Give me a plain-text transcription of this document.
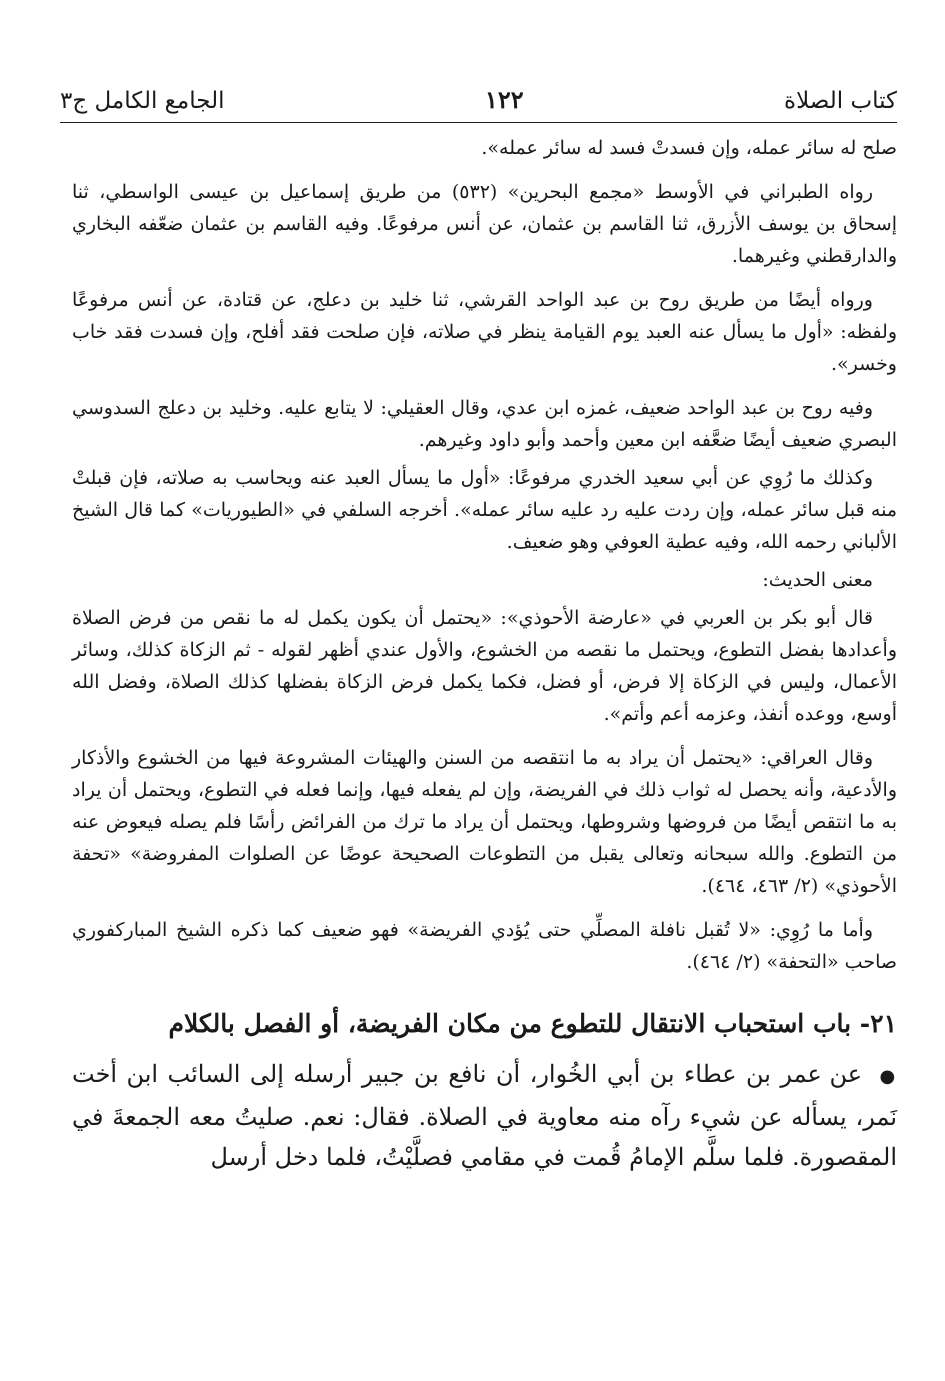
كتاب الصلاة
١٢٢
الجامع الكامل ج٣

صلح له سائر عمله، وإن فسدتْ فسد له سائر عمله».

رواه الطبراني في الأوسط «مجمع البحرين» (٥٣٢) من طريق إسماعيل بن عيسى الواسطي، ثنا إسحاق بن يوسف الأزرق، ثنا القاسم بن عثمان، عن أنس مرفوعًا. وفيه القاسم بن عثمان ضعّفه البخاري والدارقطني وغيرهما.

ورواه أيضًا من طريق روح بن عبد الواحد القرشي، ثنا خليد بن دعلج، عن قتادة، عن أنس مرفوعًا ولفظه: «أول ما يسأل عنه العبد يوم القيامة ينظر في صلاته، فإن صلحت فقد أفلح، وإن فسدت فقد خاب وخسر».

وفيه روح بن عبد الواحد ضعيف، غمزه ابن عدي، وقال العقيلي: لا يتابع عليه. وخليد بن دعلج السدوسي البصري ضعيف أيضًا ضعَّفه ابن معين وأحمد وأبو داود وغيرهم.

وكذلك ما رُوِي عن أبي سعيد الخدري مرفوعًا: «أول ما يسأل العبد عنه ويحاسب به صلاته، فإن قبلتْ منه قبل سائر عمله، وإن ردت عليه رد عليه سائر عمله». أخرجه السلفي في «الطيوريات» كما قال الشيخ الألباني رحمه الله، وفيه عطية العوفي وهو ضعيف.

معنى الحديث:

قال أبو بكر بن العربي في «عارضة الأحوذي»: «يحتمل أن يكون يكمل له ما نقص من فرض الصلاة وأعدادها بفضل التطوع، ويحتمل ما نقصه من الخشوع، والأول عندي أظهر لقوله - ثم الزكاة كذلك، وسائر الأعمال، وليس في الزكاة إلا فرض، أو فضل، فكما يكمل فرض الزكاة بفضلها كذلك الصلاة، وفضل الله أوسع، ووعده أنفذ، وعزمه أعم وأتم».

وقال العراقي: «يحتمل أن يراد به ما انتقصه من السنن والهيئات المشروعة فيها من الخشوع والأذكار والأدعية، وأنه يحصل له ثواب ذلك في الفريضة، وإن لم يفعله فيها، وإنما فعله في التطوع، ويحتمل أن يراد به ما انتقص أيضًا من فروضها وشروطها، ويحتمل أن يراد ما ترك من الفرائض رأسًا فلم يصله فيعوض عنه من التطوع. والله سبحانه وتعالى يقبل من التطوعات الصحيحة عوضًا عن الصلوات المفروضة» «تحفة الأحوذي» (٢/ ٤٦٣، ٤٦٤).

وأما ما رُوِي: «لا تُقبل نافلة المصلِّي حتى يُؤدي الفريضة» فهو ضعيف كما ذكره الشيخ المباركفوري صاحب «التحفة» (٢/ ٤٦٤).

٢١- باب استحباب الانتقال للتطوع من مكان الفريضة، أو الفصل بالكلام

● عن عمر بن عطاء بن أبي الخُوار، أن نافع بن جبير أرسله إلى السائب ابن أخت نَمر، يسأله عن شيء رآه منه معاوية في الصلاة. فقال: نعم. صليتُ معه الجمعةَ في المقصورة. فلما سلَّم الإمامُ قُمت في مقامي فصلَّيْتُ، فلما دخل أرسل
